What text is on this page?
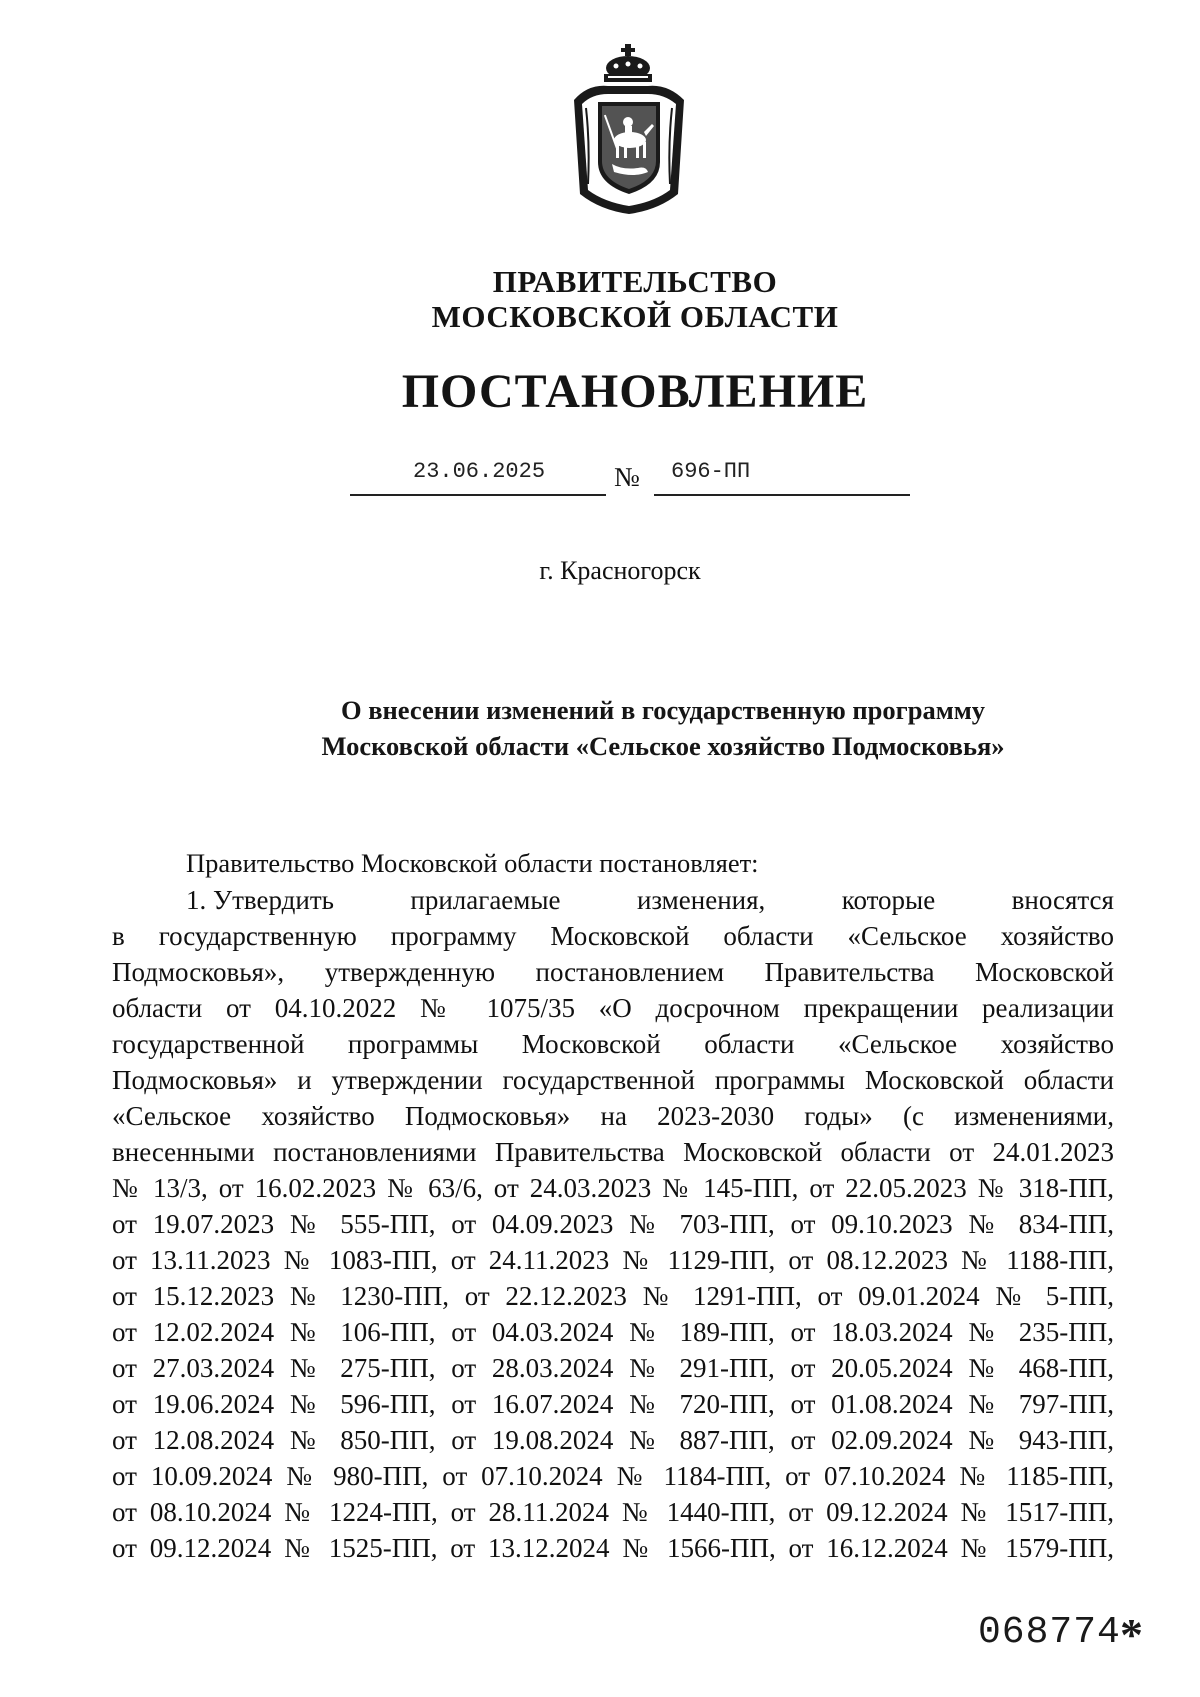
ПРАВИТЕЛЬСТВО
МОСКОВСКОЙ ОБЛАСТИ
ПОСТАНОВЛЕНИЕ
23.06.2025	№ 696-ПП
г. Красногорск
О внесении изменений в государственную программу
Московской области «Сельское хозяйство Подмосковья»
Правительство Московской области постановляет:
1. Утвердить	прилагаемые	изменения,	которые	вносятся
в государственную программу Московской области «Сельское хозяйство
Подмосковья», утвержденную постановлением Правительства Московской
области от 04.10.2022 № 1075/35 «О досрочном прекращении реализации
государственной программы Московской области «Сельское хозяйство
Подмосковья» и утверждении государственной программы Московской области
«Сельское хозяйство Подмосковья» на 2023-2030 годы» (с изменениями,
внесенными постановлениями Правительства Московской области от 24.01.2023
№ 13/3, от 16.02.2023 № 63/6, от 24.03.2023 № 145-ПП, от 22.05.2023 № 318-ПП,
от 19.07.2023 № 555-ПП, от 04.09.2023 № 703-ПП, от 09.10.2023 № 834-ПП,
от 13.11.2023 № 1083-ПП, от 24.11.2023 № 1129-ПП, от 08.12.2023 № 1188-ПП,
от 15.12.2023 № 1230-ПП, от 22.12.2023 № 1291-ПП, от 09.01.2024 № 5-ПП,
от 12.02.2024 № 106-ПП, от 04.03.2024 № 189-ПП, от 18.03.2024 № 235-ПП,
от 27.03.2024 № 275-ПП, от 28.03.2024 № 291-ПП, от 20.05.2024 № 468-ПП,
от 19.06.2024 № 596-ПП, от 16.07.2024 № 720-ПП, от 01.08.2024 № 797-ПП,
от 12.08.2024 № 850-ПП, от 19.08.2024 № 887-ПП, от 02.09.2024 № 943-ПП,
от 10.09.2024 № 980-ПП, от 07.10.2024 № 1184-ПП, от 07.10.2024 № 1185-ПП,
от 08.10.2024 № 1224-ПП, от 28.11.2024 № 1440-ПП, от 09.12.2024 № 1517-ПП,
от 09.12.2024 № 1525-ПП, от 13.12.2024 № 1566-ПП, от 16.12.2024 № 1579-ПП,
068774 *
